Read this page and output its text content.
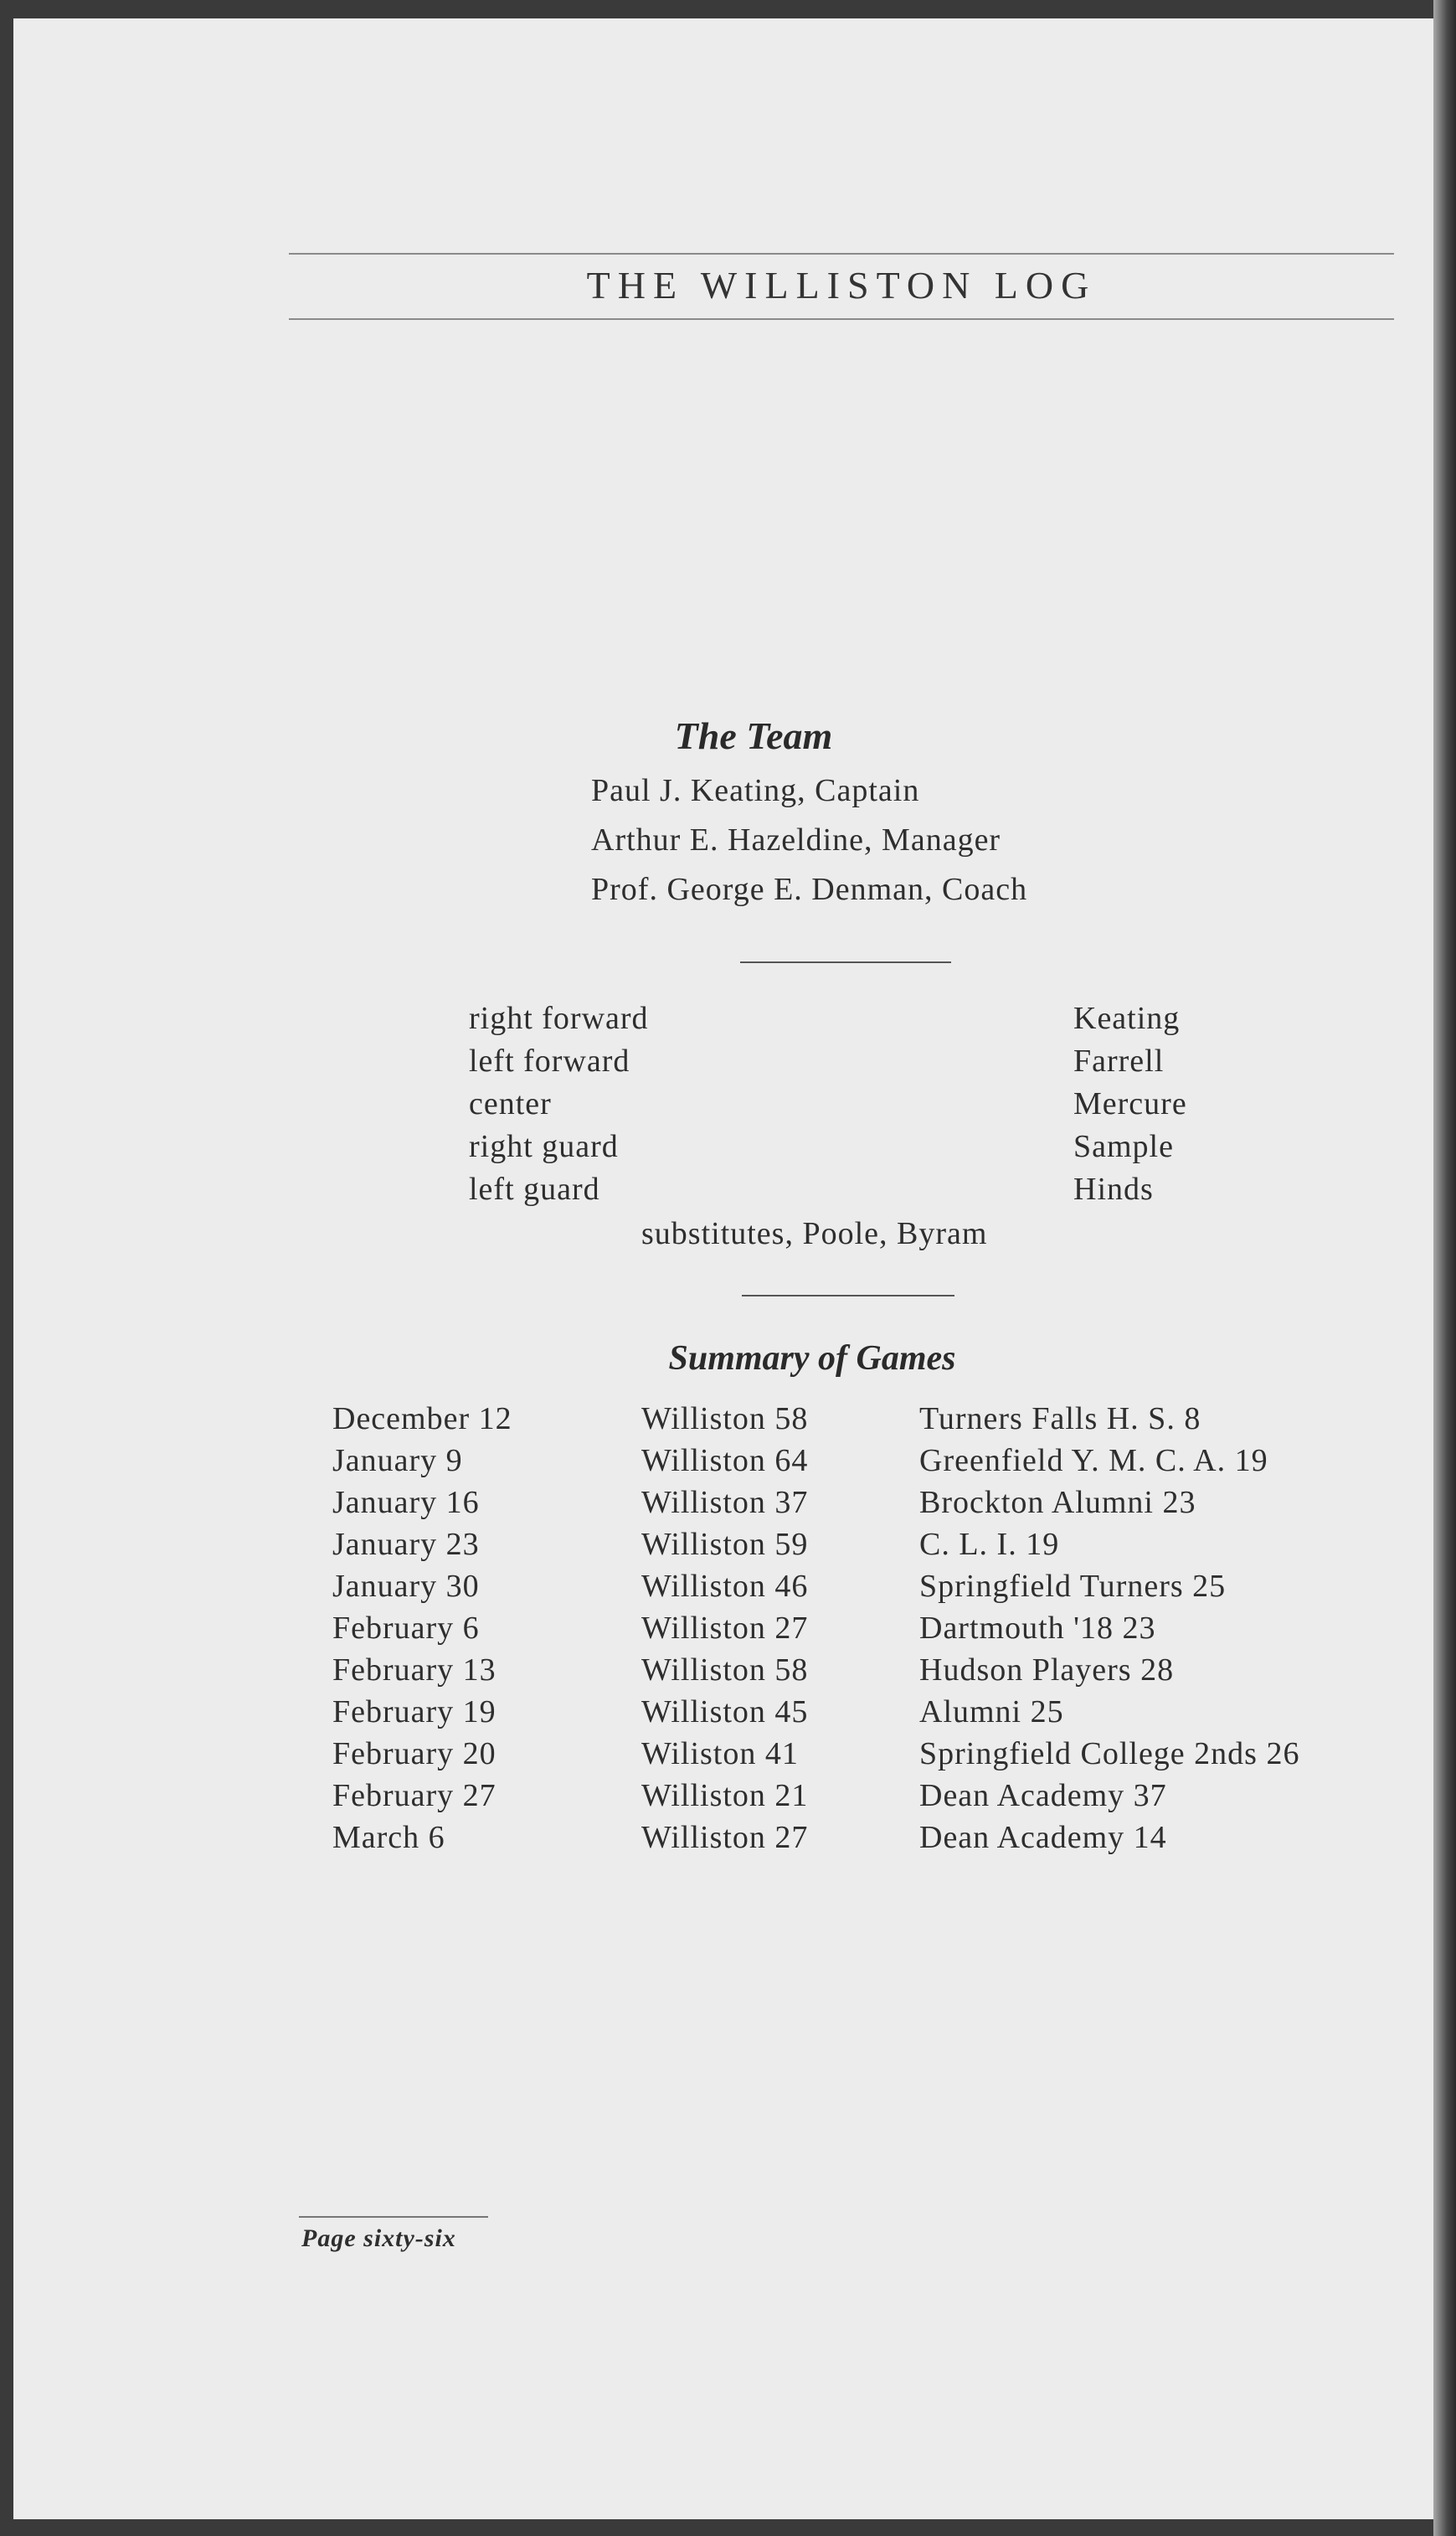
THE WILLISTON LOG
The Team
Paul J. Keating, Captain
Arthur E. Hazeldine, Manager
Prof. George E. Denman, Coach
right forward	Keating
left forward	Farrell
center	Mercure
right guard	Sample
left guard	Hinds
substitutes, Poole, Byram
Summary of Games
December 12	Williston 58	Turners Falls H. S. 8
January 9	Williston 64	Greenfield Y. M. C. A. 19
January 16	Williston 37	Brockton Alumni 23
January 23	Williston 59	C. L. I. 19
January 30	Williston 46	Springfield Turners 25
February 6	Williston 27	Dartmouth '18 23
February 13	Williston 58	Hudson Players 28
February 19	Williston 45	Alumni 25
February 20	Wiliston 41	Springfield College 2nds 26
February 27	Williston 21	Dean Academy 37
March 6	Williston 27	Dean Academy 14
Page sixty-six
